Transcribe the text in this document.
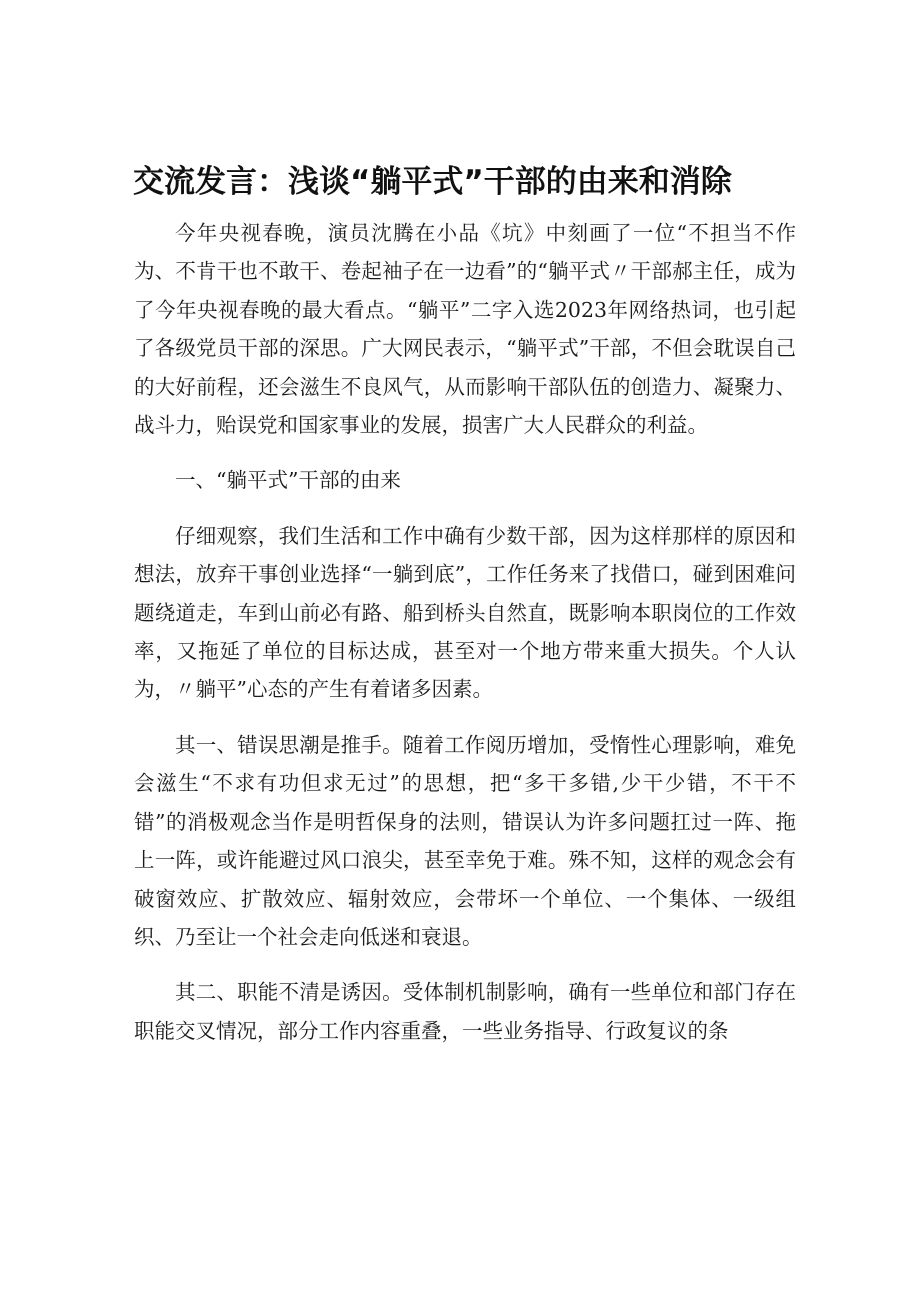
交流发言：浅谈“躺平式”干部的由来和消除

今年央视春晚，演员沈腾在小品《坑》中刻画了一位“不担当不作为、不肯干也不敢干、卷起袖子在一边看”的“躺平式〃干部郝主任，成为了今年央视春晚的最大看点。“躺平”二字入选2023年网络热词，也引起了各级党员干部的深思。广大网民表示，“躺平式”干部，不但会耽误自己的大好前程，还会滋生不良风气，从而影响干部队伍的创造力、凝聚力、战斗力，贻误党和国家事业的发展，损害广大人民群众的利益。

一、“躺平式”干部的由来

仔细观察，我们生活和工作中确有少数干部，因为这样那样的原因和想法，放弃干事创业选择“一躺到底”，工作任务来了找借口，碰到困难问题绕道走，车到山前必有路、船到桥头自然直，既影响本职岗位的工作效率，又拖延了单位的目标达成，甚至对一个地方带来重大损失。个人认为，〃躺平”心态的产生有着诸多因素。

其一、错误思潮是推手。随着工作阅历增加，受惰性心理影响，难免会滋生“不求有功但求无过”的思想，把“多干多错,少干少错，不干不错”的消极观念当作是明哲保身的法则，错误认为许多问题扛过一阵、拖上一阵，或许能避过风口浪尖，甚至幸免于难。殊不知，这样的观念会有破窗效应、扩散效应、辐射效应，会带坏一个单位、一个集体、一级组织、乃至让一个社会走向低迷和衰退。

其二、职能不清是诱因。受体制机制影响，确有一些单位和部门存在职能交叉情况，部分工作内容重叠，一些业务指导、行政复议的条
